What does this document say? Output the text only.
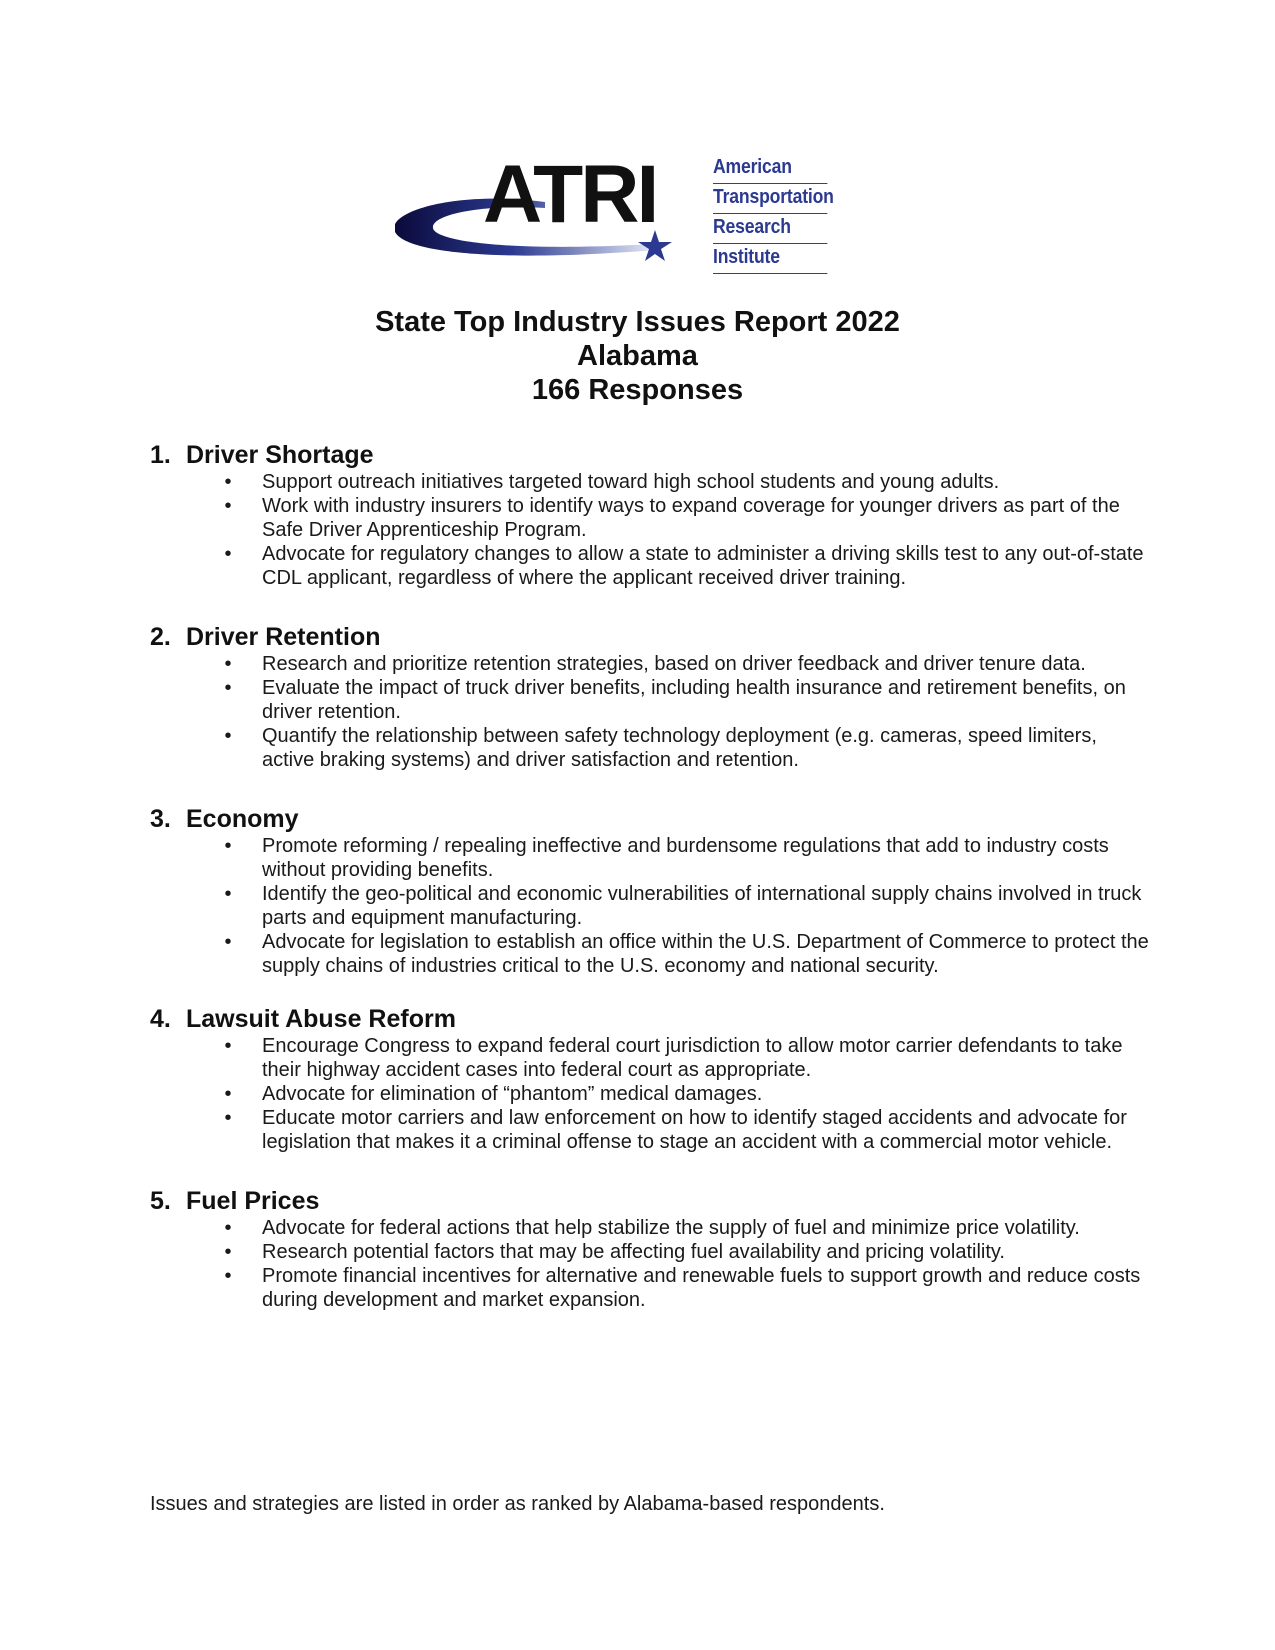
ATRI	American
Transportation
Research
Institute
State Top Industry Issues Report 2022
Alabama
166 Responses
1. Driver Shortage
• Support outreach initiatives targeted toward high school students and young adults.
• Work with industry insurers to identify ways to expand coverage for younger drivers as part of the Safe Driver Apprenticeship Program.
• Advocate for regulatory changes to allow a state to administer a driving skills test to any out-of-state CDL applicant, regardless of where the applicant received driver training.
2. Driver Retention
• Research and prioritize retention strategies, based on driver feedback and driver tenure data.
• Evaluate the impact of truck driver benefits, including health insurance and retirement benefits, on driver retention.
• Quantify the relationship between safety technology deployment (e.g. cameras, speed limiters, active braking systems) and driver satisfaction and retention.
3. Economy
• Promote reforming / repealing ineffective and burdensome regulations that add to industry costs without providing benefits.
• Identify the geo-political and economic vulnerabilities of international supply chains involved in truck parts and equipment manufacturing.
• Advocate for legislation to establish an office within the U.S. Department of Commerce to protect the supply chains of industries critical to the U.S. economy and national security.
4. Lawsuit Abuse Reform
• Encourage Congress to expand federal court jurisdiction to allow motor carrier defendants to take their highway accident cases into federal court as appropriate.
• Advocate for elimination of “phantom” medical damages.
• Educate motor carriers and law enforcement on how to identify staged accidents and advocate for legislation that makes it a criminal offense to stage an accident with a commercial motor vehicle.
5. Fuel Prices
• Advocate for federal actions that help stabilize the supply of fuel and minimize price volatility.
• Research potential factors that may be affecting fuel availability and pricing volatility.
• Promote financial incentives for alternative and renewable fuels to support growth and reduce costs during development and market expansion.
Issues and strategies are listed in order as ranked by Alabama-based respondents.
